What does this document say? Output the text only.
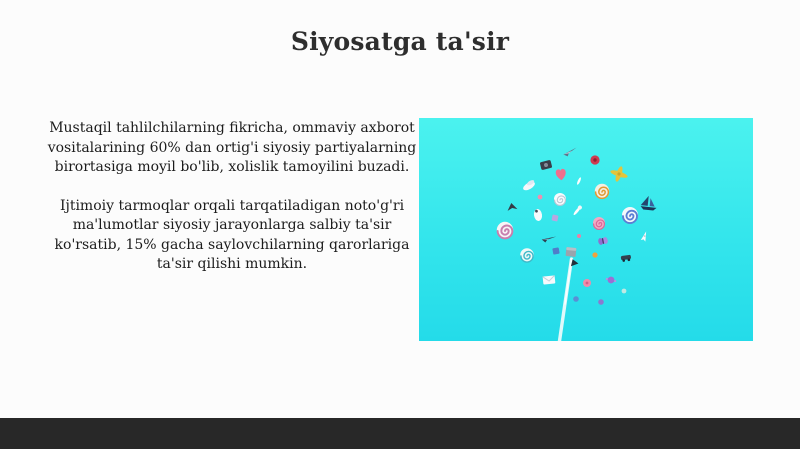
Siyosatga ta'sir

Mustaqil tahlilchilarning fikricha, ommaviy axborot vositalarining 60% dan ortig'i siyosiy partiyalarning birortasiga moyil bo'lib, xolislik tamoyilini buzadi.

Ijtimoiy tarmoqlar orqali tarqatiladigan noto'g'ri ma'lumotlar siyosiy jarayonlarga salbiy ta'sir ko'rsatib, 15% gacha saylovchilarning qarorlariga ta'sir qilishi mumkin.
